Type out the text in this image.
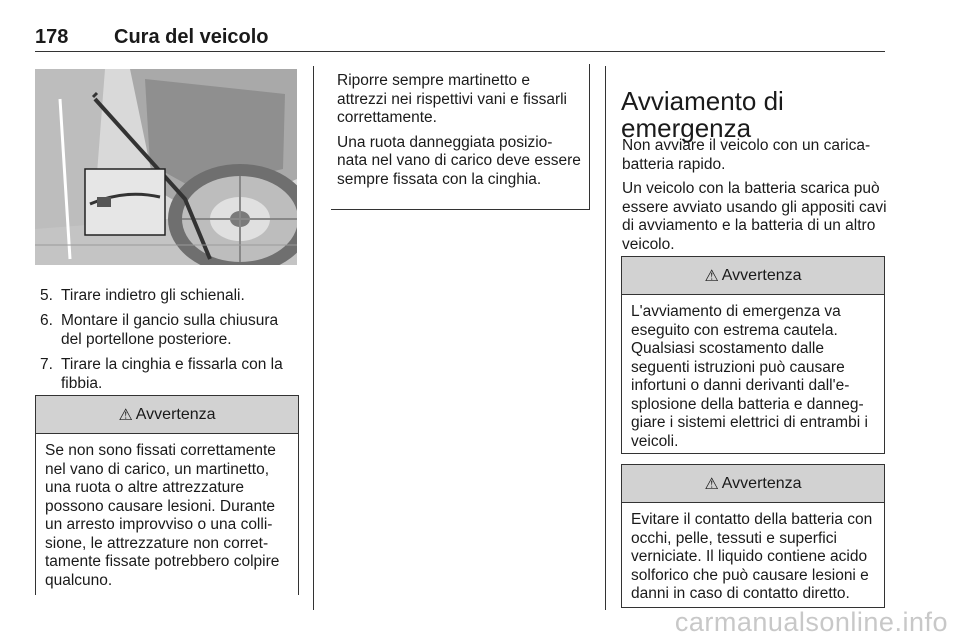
178 Cura del veicolo
5. Tirare indietro gli schienali.
6. Montare il gancio sulla chiusura del portellone posteriore.
7. Tirare la cinghia e fissarla con la fibbia.
⚠ Avvertenza
Se non sono fissati correttamente nel vano di carico, un martinetto, una ruota o altre attrezzature possono causare lesioni. Durante un arresto improvviso o una colli-sione, le attrezzature non corret-tamente fissate potrebbero colpire qualcuno.

Riporre sempre martinetto e attrezzi nei rispettivi vani e fissarli correttamente.

Una ruota danneggiata posizio-nata nel vano di carico deve essere sempre fissata con la cinghia.

Avviamento di emergenza

Non avviare il veicolo con un carica-batteria rapido.

Un veicolo con la batteria scarica può essere avviato usando gli appositi cavi di avviamento e la batteria di un altro veicolo.

⚠ Avvertenza
L'avviamento di emergenza va eseguito con estrema cautela. Qualsiasi scostamento dalle seguenti istruzioni può causare infortuni o danni derivanti dall'e-splosione della batteria e danneg-giare i sistemi elettrici di entrambi i veicoli.
⚠ Avvertenza
Evitare il contatto della batteria con occhi, pelle, tessuti e superfici verniciate. Il liquido contiene acido solforico che può causare lesioni e danni in caso di contatto diretto.
carmanualsonline.info
